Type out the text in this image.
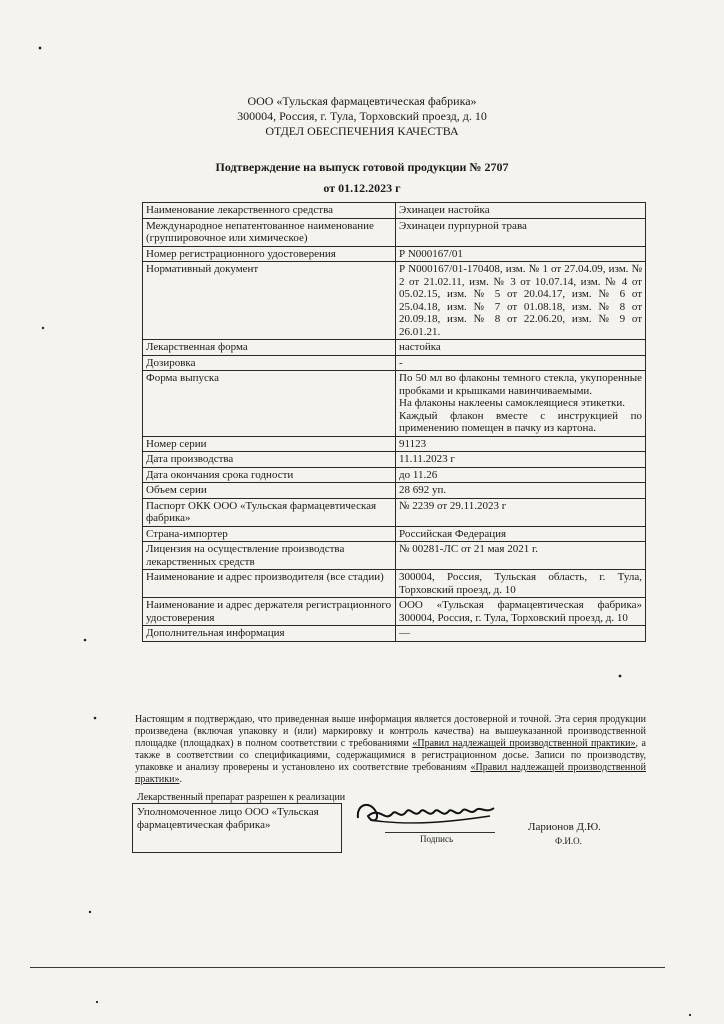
ООО «Тульская фармацевтическая фабрика»
300004, Россия, г. Тула, Торховский проезд, д. 10
ОТДЕЛ ОБЕСПЕЧЕНИЯ КАЧЕСТВА
Подтверждение на выпуск готовой продукции № 2707
от 01.12.2023 г
Наименование лекарственного средства	Эхинацеи настойка

Международное непатентованное наименование (группировочное или химическое)	Эхинацеи пурпурной трава

Номер регистрационного удостоверения	Р N000167/01

Нормативный документ	Р N000167/01-170408, изм. № 1 от 27.04.09, изм. № 2 от 21.02.11, изм. № 3 от 10.07.14, изм. № 4 от 05.02.15, изм. № 5 от 20.04.17, изм. № 6 от 25.04.18, изм. № 7 от 01.08.18, изм. № 8 от 20.09.18, изм. № 8 от 22.06.20, изм. № 9 от 26.01.21.

Лекарственная форма	настойка

Дозировка	-

Форма выпуска	По 50 мл во флаконы темного стекла, укупоренные пробками и крышками навинчиваемыми.
На флаконы наклеены самоклеящиеся этикетки.
Каждый флакон вместе с инструкцией по применению помещен в пачку из картона.

Номер серии	91123

Дата производства	11.11.2023 г

Дата окончания срока годности	до 11.26

Объем серии	28 692 уп.

Паспорт ОКК ООО «Тульская фармацевтическая фабрика»	№ 2239 от 29.11.2023 г

Страна-импортер	Российская Федерация

Лицензия на осуществление производства лекарственных средств	№ 00281-ЛС от 21 мая 2021 г.

Наименование и адрес производителя (все стадии)	300004, Россия, Тульская область, г. Тула, Торховский проезд, д. 10

Наименование и адрес держателя регистрационного удостоверения	ООО «Тульская фармацевтическая фабрика» 300004, Россия, г. Тула, Торховский проезд, д. 10

Дополнительная информация	—
Настоящим я подтверждаю, что приведенная выше информация является достоверной и точной. Эта серия продукции произведена (включая упаковку и (или) маркировку и контроль качества) на вышеуказанной производственной площадке (площадках) в полном соответствии с требованиями «Правил надлежащей производственной практики», а также в соответствии со спецификациями, содержащимися в регистрационном досье. Записи по производству, упаковке и анализу проверены и установлено их соответствие требованиям «Правил надлежащей производственной практики».
Лекарственный препарат разрешен к реализации
Уполномоченное лицо ООО «Тульская фармацевтическая фабрика»
Подпись
Ларионов Д.Ю.
Ф.И.О.
